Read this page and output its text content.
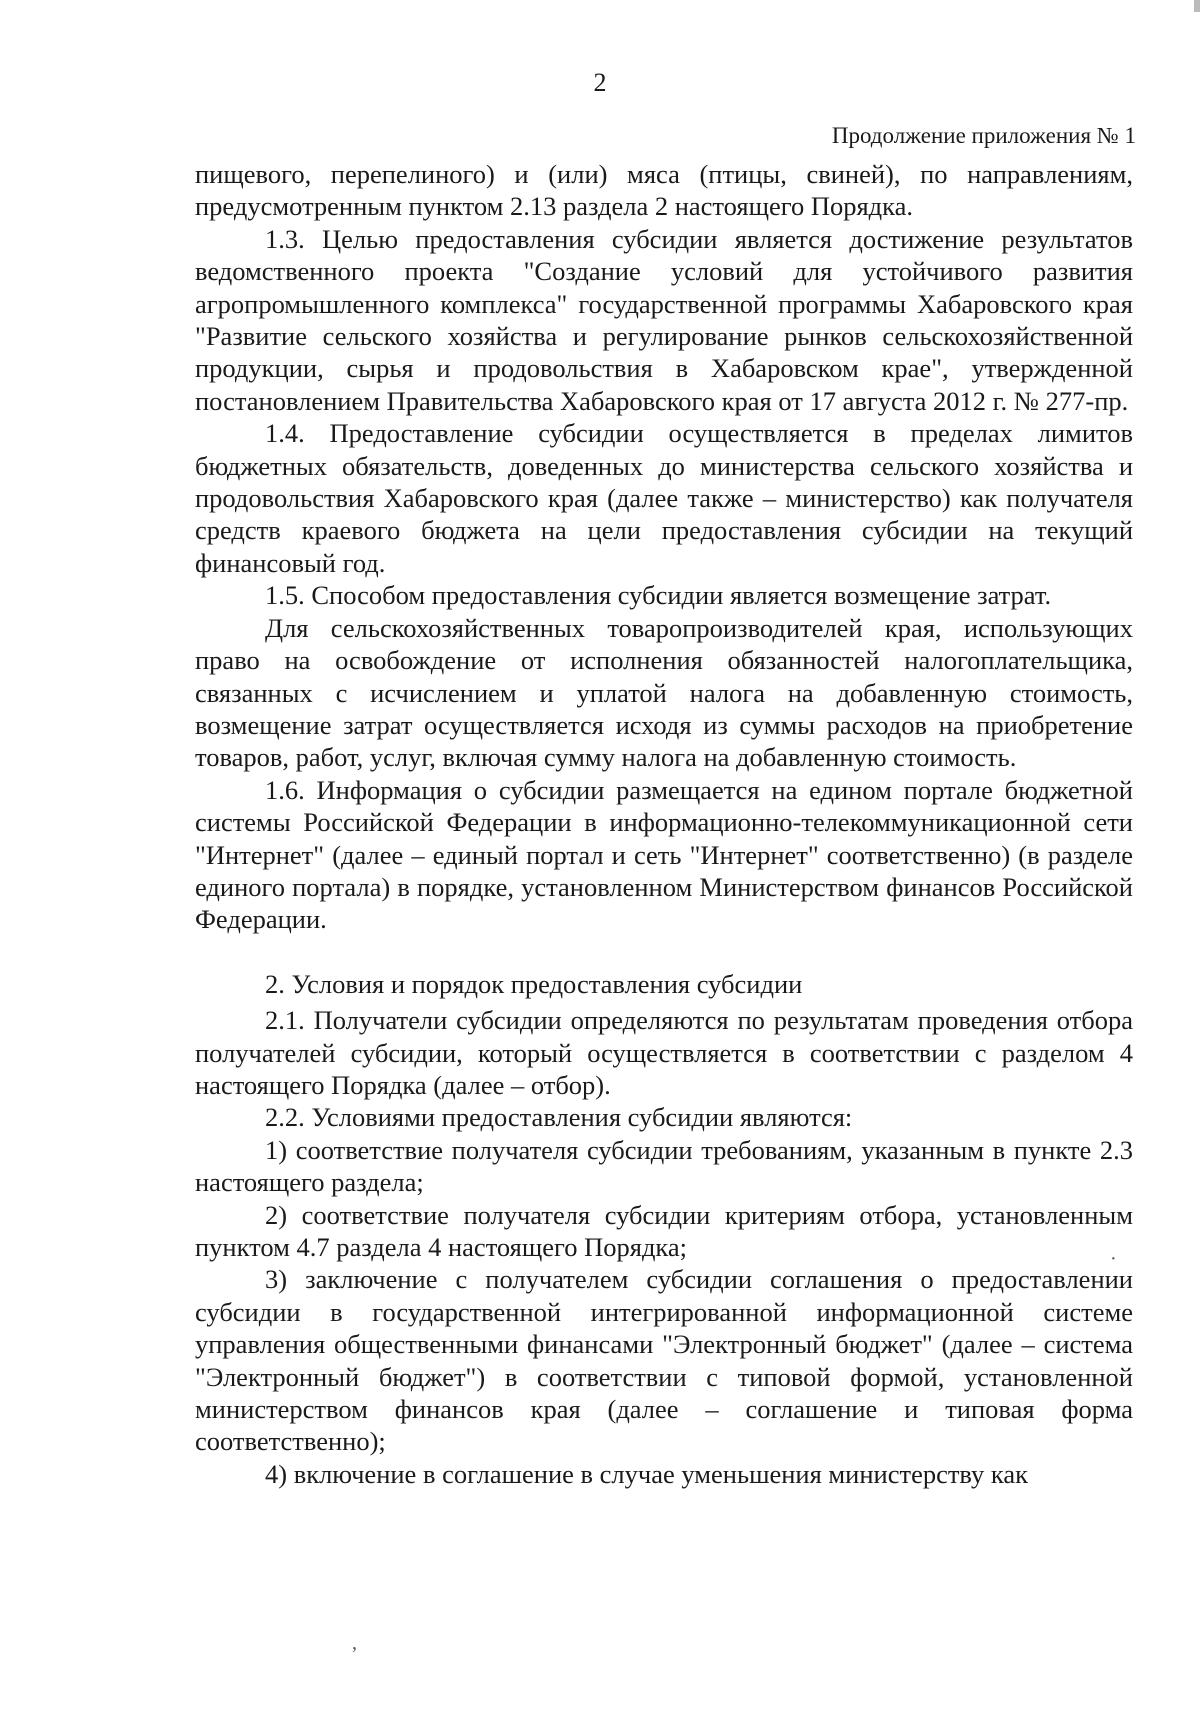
2
Продолжение приложения № 1

пищевого, перепелиного) и (или) мяса (птицы, свиней), по направлениям, предусмотренным пунктом 2.13 раздела 2 настоящего Порядка.

1.3. Целью предоставления субсидии является достижение результатов ведомственного проекта "Создание условий для устойчивого развития агропромышленного комплекса" государственной программы Хабаровского края "Развитие сельского хозяйства и регулирование рынков сельскохозяйственной продукции, сырья и продовольствия в Хабаровском крае", утвержденной постановлением Правительства Хабаровского края от 17 августа 2012 г. № 277-пр.

1.4. Предоставление субсидии осуществляется в пределах лимитов бюджетных обязательств, доведенных до министерства сельского хозяйства и продовольствия Хабаровского края (далее также – министерство) как получателя средств краевого бюджета на цели предоставления субсидии на текущий финансовый год.

1.5. Способом предоставления субсидии является возмещение затрат.

Для сельскохозяйственных товаропроизводителей края, использующих право на освобождение от исполнения обязанностей налогоплательщика, связанных с исчислением и уплатой налога на добавленную стоимость, возмещение затрат осуществляется исходя из суммы расходов на приобретение товаров, работ, услуг, включая сумму налога на добавленную стоимость.

1.6. Информация о субсидии размещается на едином портале бюджетной системы Российской Федерации в информационно-телекоммуникационной сети "Интернет" (далее – единый портал и сеть "Интернет" соответственно) (в разделе единого портала) в порядке, установленном Министерством финансов Российской Федерации.

2. Условия и порядок предоставления субсидии

2.1. Получатели субсидии определяются по результатам проведения отбора получателей субсидии, который осуществляется в соответствии с разделом 4 настоящего Порядка (далее – отбор).

2.2. Условиями предоставления субсидии являются:

1) соответствие получателя субсидии требованиям, указанным в пункте 2.3 настоящего раздела;

2) соответствие получателя субсидии критериям отбора, установленным пунктом 4.7 раздела 4 настоящего Порядка;

3) заключение с получателем субсидии соглашения о предоставлении субсидии в государственной интегрированной информационной системе управления общественными финансами "Электронный бюджет" (далее – система "Электронный бюджет") в соответствии с типовой формой, установленной министерством финансов края (далее – соглашение и типовая форма соответственно);

4) включение в соглашение в случае уменьшения министерству как

·
,
